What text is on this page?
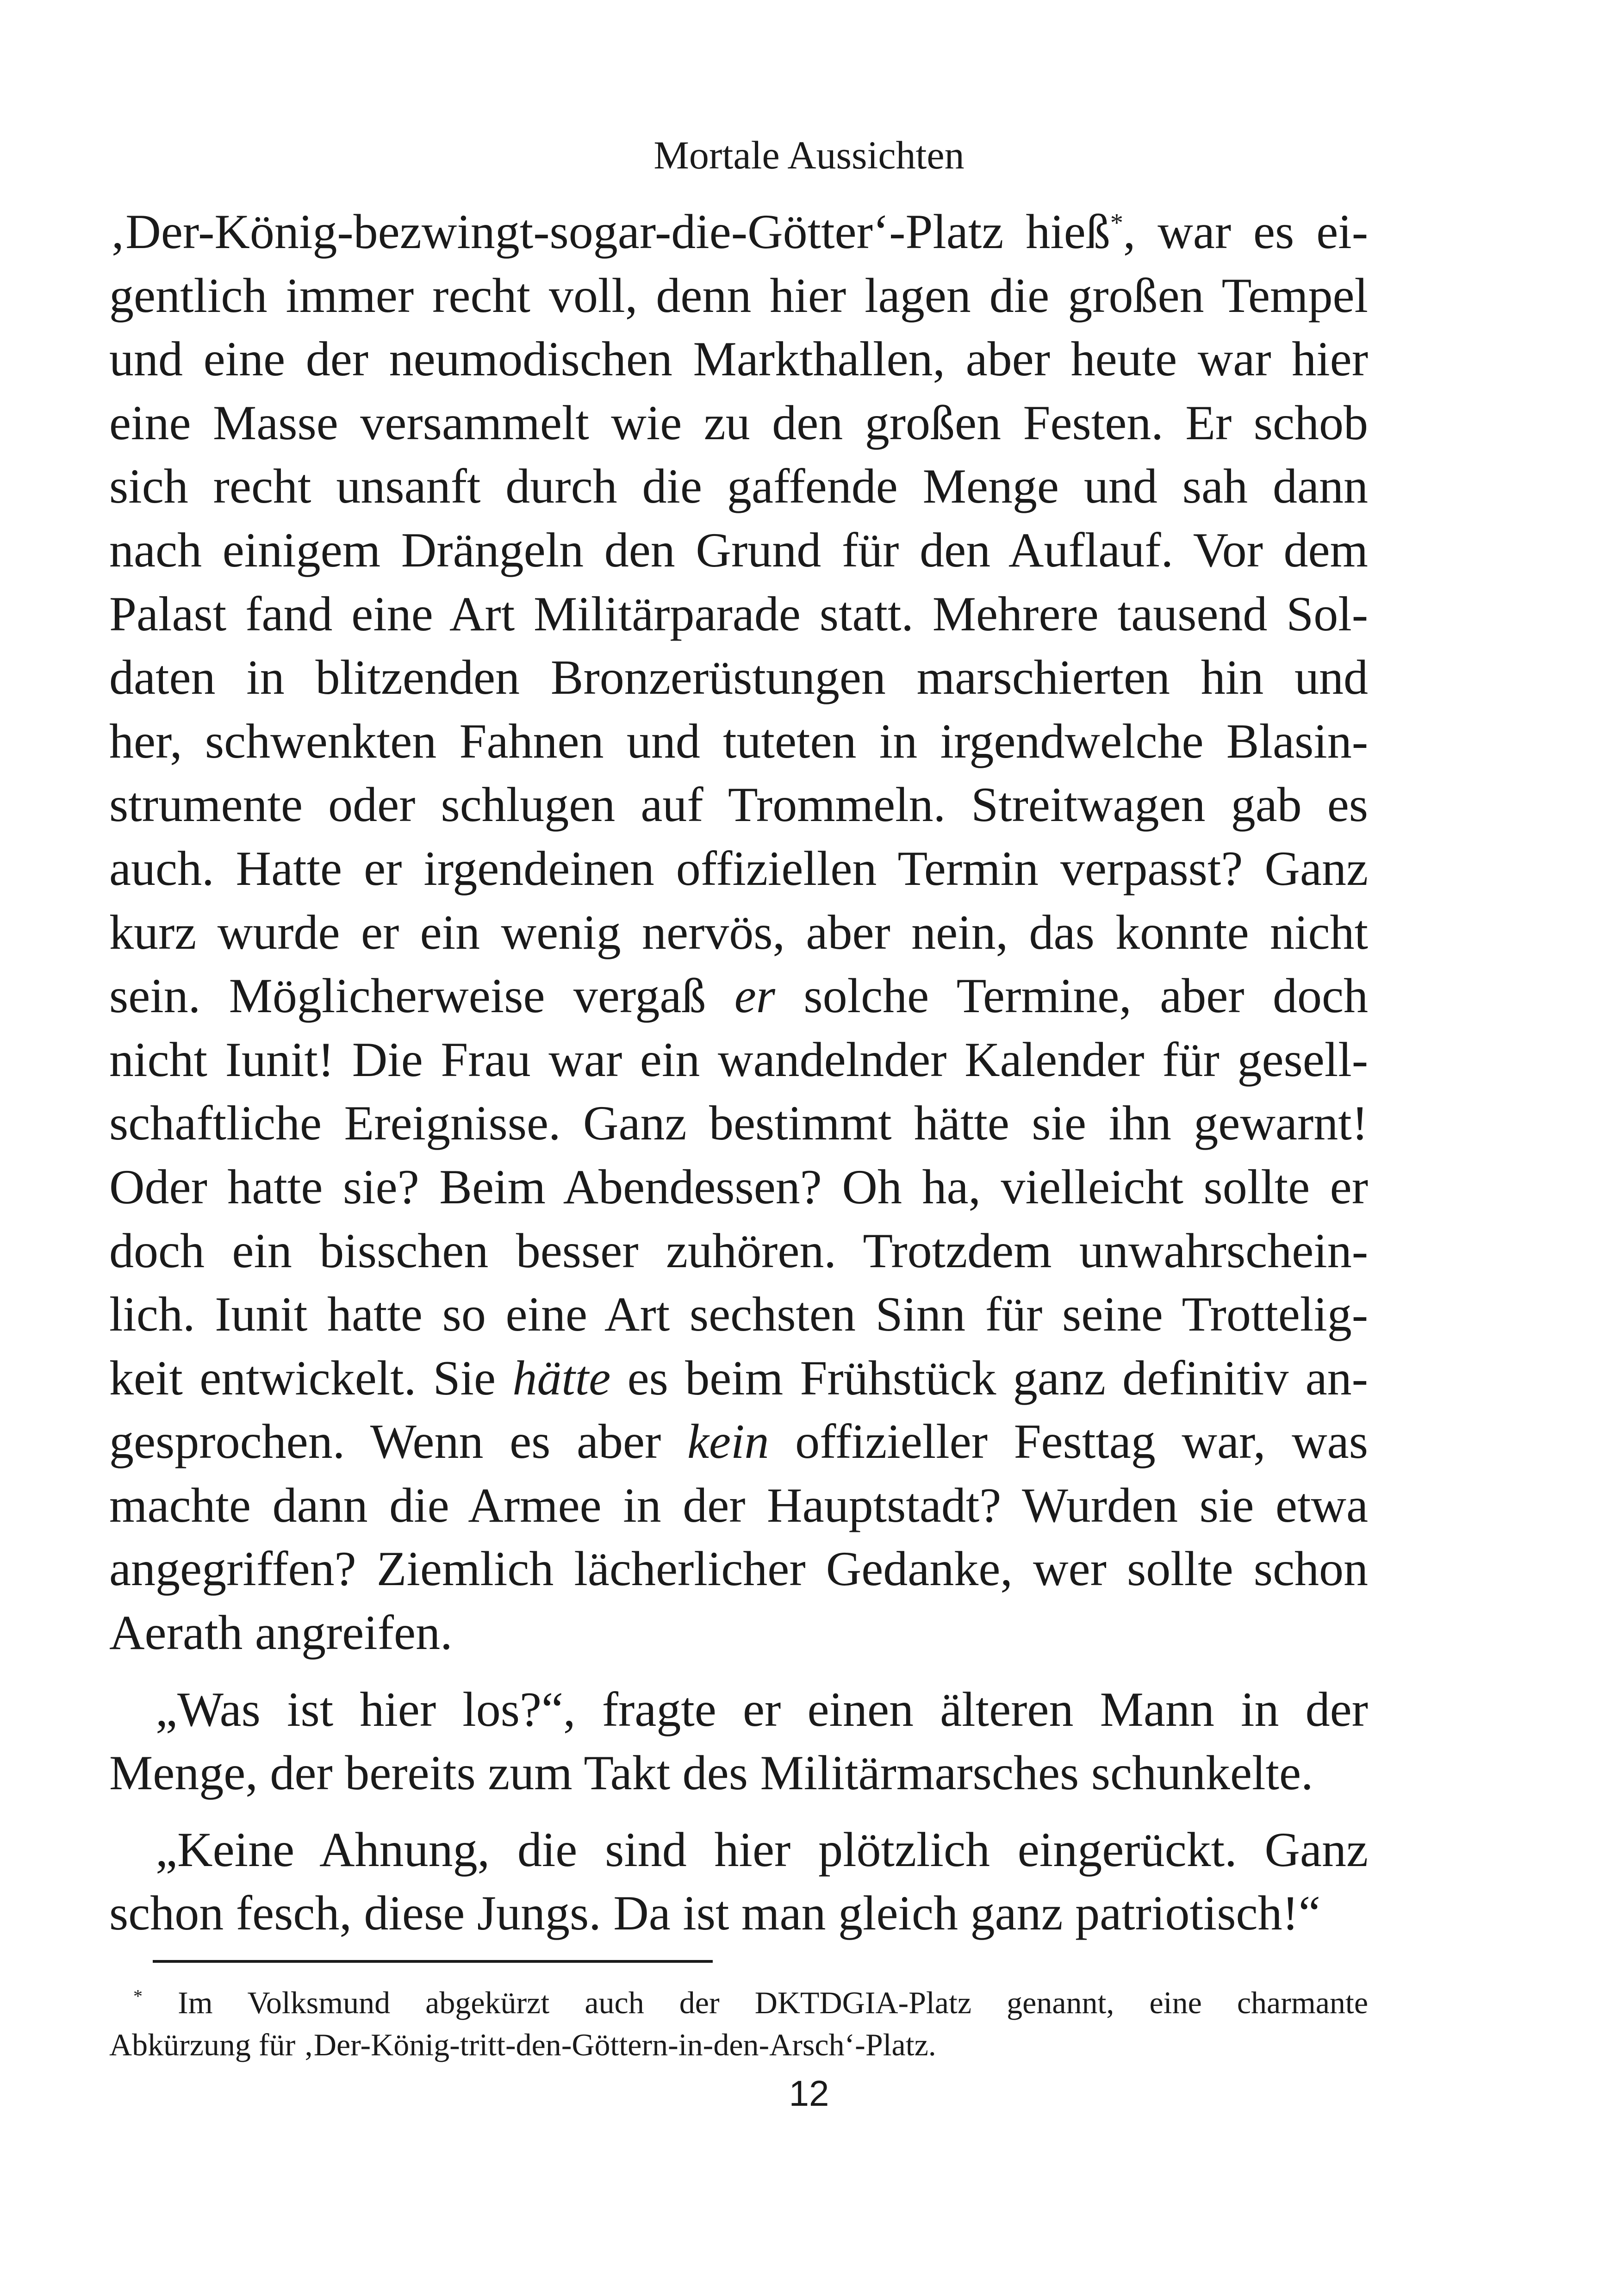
Mortale Aussichten

‚Der-König-bezwingt-sogar-die-Götter‘-Platz hieß*, war es ei-
gentlich immer recht voll, denn hier lagen die großen Tempel
und eine der neumodischen Markthallen, aber heute war hier
eine Masse versammelt wie zu den großen Festen. Er schob
sich recht unsanft durch die gaffende Menge und sah dann
nach einigem Drängeln den Grund für den Auflauf. Vor dem
Palast fand eine Art Militärparade statt. Mehrere tausend Sol-
daten in blitzenden Bronzerüstungen marschierten hin und
her, schwenkten Fahnen und tuteten in irgendwelche Blasin-
strumente oder schlugen auf Trommeln. Streitwagen gab es
auch. Hatte er irgendeinen offiziellen Termin verpasst? Ganz
kurz wurde er ein wenig nervös, aber nein, das konnte nicht
sein. Möglicherweise vergaß er solche Termine, aber doch
nicht Iunit! Die Frau war ein wandelnder Kalender für gesell-
schaftliche Ereignisse. Ganz bestimmt hätte sie ihn gewarnt!
Oder hatte sie? Beim Abendessen? Oh ha, vielleicht sollte er
doch ein bisschen besser zuhören. Trotzdem unwahrschein-
lich. Iunit hatte so eine Art sechsten Sinn für seine Trottelig-
keit entwickelt. Sie hätte es beim Frühstück ganz definitiv an-
gesprochen. Wenn es aber kein offizieller Festtag war, was
machte dann die Armee in der Hauptstadt? Wurden sie etwa
angegriffen? Ziemlich lächerlicher Gedanke, wer sollte schon
Aerath angreifen.
„Was ist hier los?“, fragte er einen älteren Mann in der
Menge, der bereits zum Takt des Militärmarsches schunkelte.
„Keine Ahnung, die sind hier plötzlich eingerückt. Ganz
schon fesch, diese Jungs. Da ist man gleich ganz patriotisch!“
* Im Volksmund abgekürzt auch der DKTDGIA-Platz genannt, eine charmante
Abkürzung für ‚Der-König-tritt-den-Göttern-in-den-Arsch‘-Platz.

12
